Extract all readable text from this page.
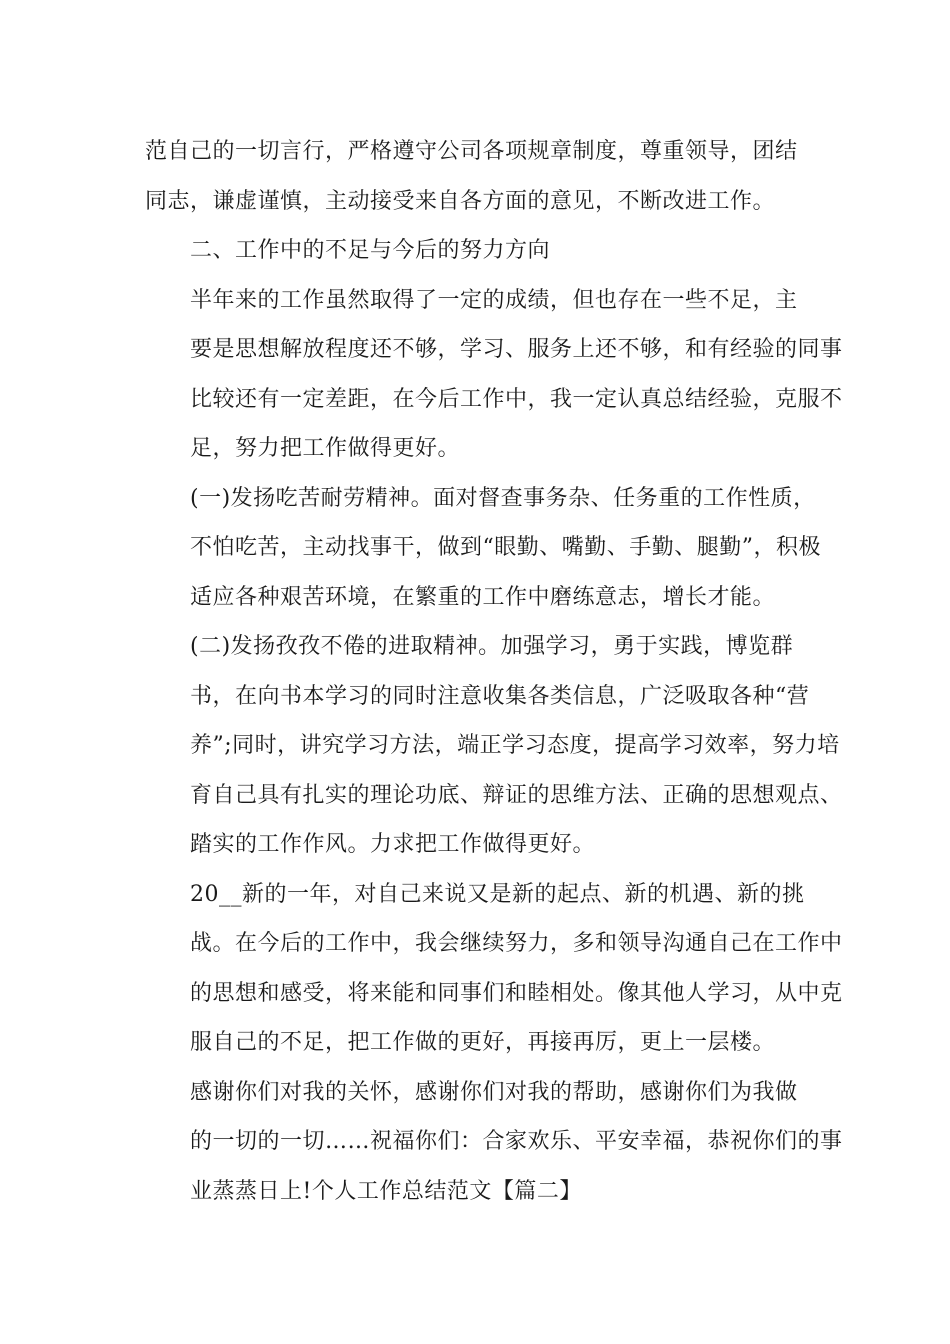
范自己的一切言行，严格遵守公司各项规章制度，尊重领导，团结
同志，谦虚谨慎，主动接受来自各方面的意见，不断改进工作。

二、工作中的不足与今后的努力方向

半年来的工作虽然取得了一定的成绩，但也存在一些不足，主
要是思想解放程度还不够，学习、服务上还不够，和有经验的同事
比较还有一定差距，在今后工作中，我一定认真总结经验，克服不
足，努力把工作做得更好。

(一)发扬吃苦耐劳精神。面对督查事务杂、任务重的工作性质，
不怕吃苦，主动找事干，做到“眼勤、嘴勤、手勤、腿勤”，积极
适应各种艰苦环境，在繁重的工作中磨练意志，增长才能。

(二)发扬孜孜不倦的进取精神。加强学习，勇于实践，博览群
书，在向书本学习的同时注意收集各类信息，广泛吸取各种“营
养”;同时，讲究学习方法，端正学习态度，提高学习效率，努力培
育自己具有扎实的理论功底、辩证的思维方法、正确的思想观点、
踏实的工作作风。力求把工作做得更好。

20__新的一年，对自己来说又是新的起点、新的机遇、新的挑
战。在今后的工作中，我会继续努力，多和领导沟通自己在工作中
的思想和感受，将来能和同事们和睦相处。像其他人学习，从中克
服自己的不足，把工作做的更好，再接再厉，更上一层楼。

感谢你们对我的关怀，感谢你们对我的帮助，感谢你们为我做
的一切的一切……祝福你们：合家欢乐、平安幸福，恭祝你们的事
业蒸蒸日上!个人工作总结范文【篇二】
